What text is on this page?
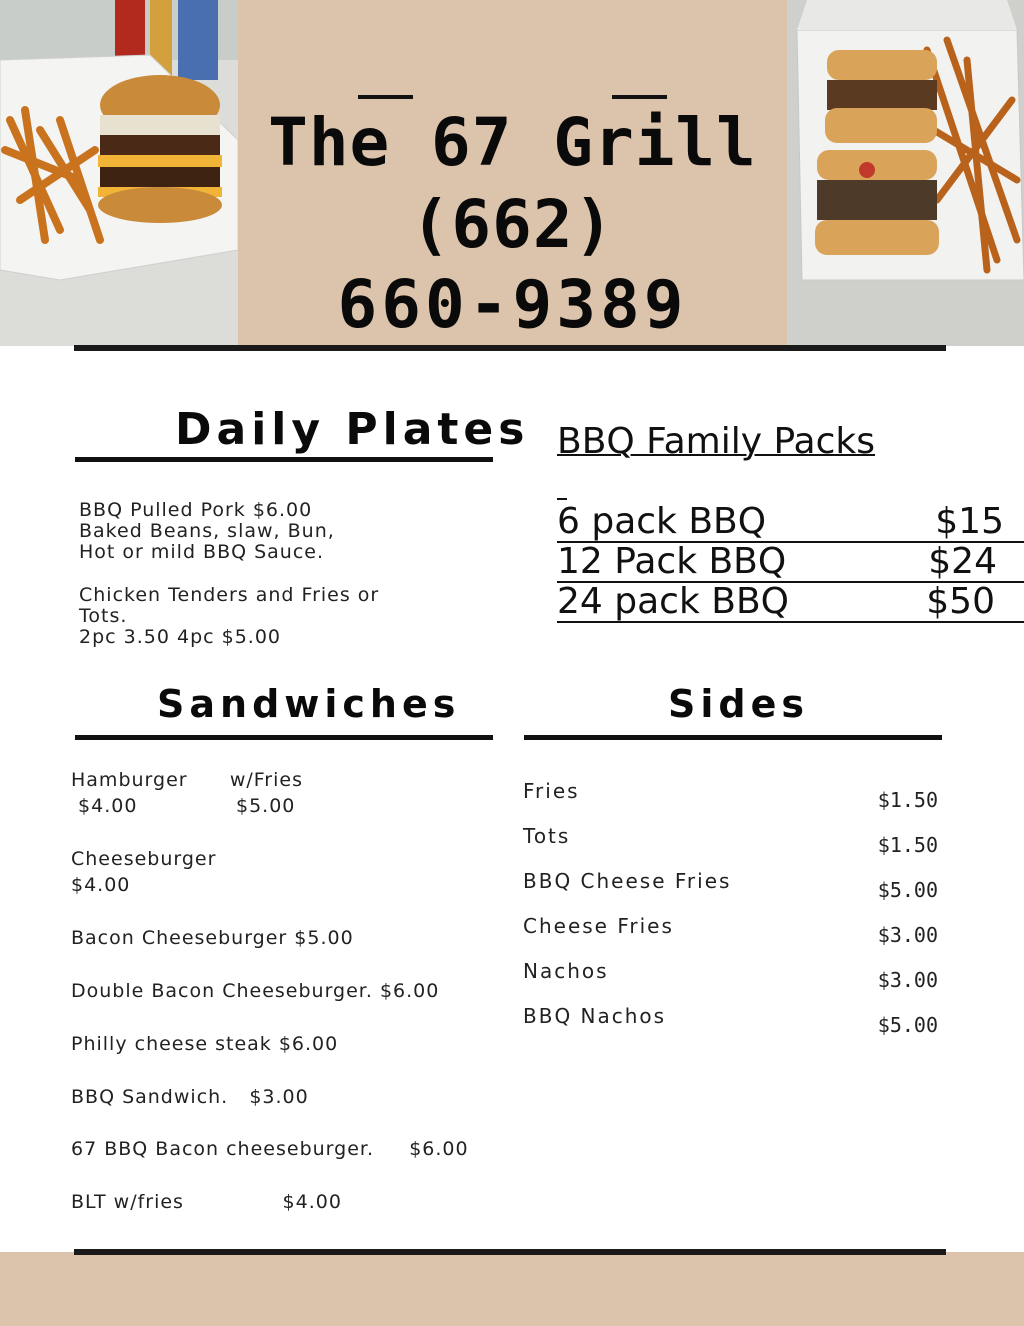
The 67 Grill
(662)
660-9389
Daily Plates
BBQ Pulled Pork $6.00
Baked Beans, slaw, Bun,
Hot or mild BBQ Sauce.
Chicken Tenders and Fries or
Tots.
2pc 3.50 4pc $5.00
BBQ Family Packs
6 pack BBQ	$15
12 Pack BBQ	$24
24 pack BBQ	$50
Sandwiches
Hamburger      w/Fries
$4.00              $5.00
Cheeseburger
$4.00
Bacon Cheeseburger $5.00
Double Bacon Cheeseburger. $6.00
Philly cheese steak $6.00
BBQ Sandwich.   $3.00
67 BBQ Bacon cheeseburger.     $6.00
BLT w/fries              $4.00
Sides
Fries	$1.50
Tots	$1.50
BBQ Cheese Fries	$5.00
Cheese Fries	$3.00
Nachos	$3.00
BBQ Nachos	$5.00
